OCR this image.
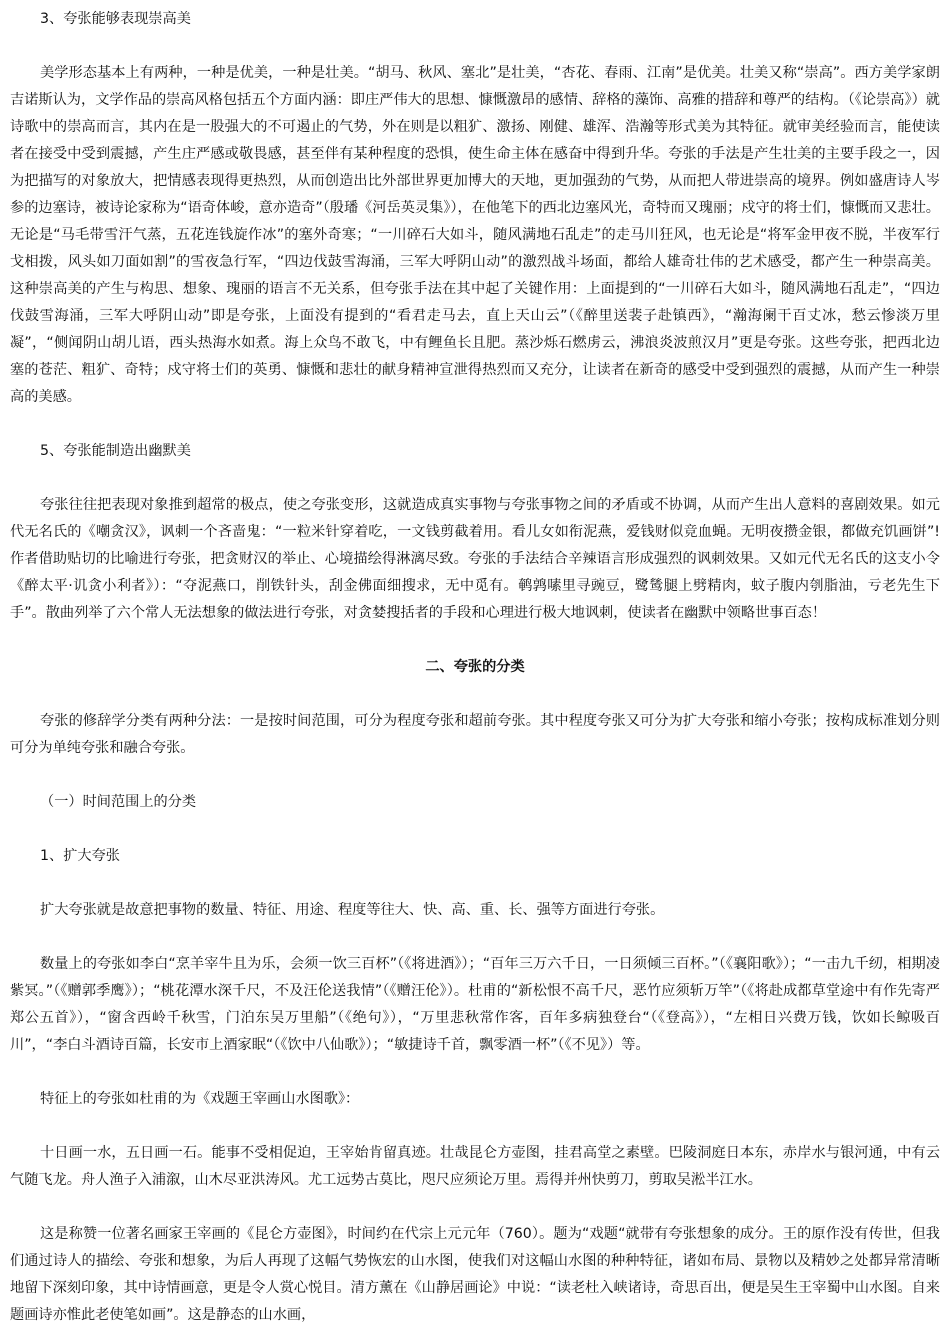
3、夸张能够表现崇高美

美学形态基本上有两种，一种是优美，一种是壮美。“胡马、秋风、塞北”是壮美，“杏花、春雨、江南”是优美。壮美又称“崇高”。西方美学家朗吉诺斯认为，文学作品的崇高风格包括五个方面内涵：即庄严伟大的思想、慷慨激昂的感情、辞格的藻饰、高雅的措辞和尊严的结构。（《论崇高》）就诗歌中的崇高而言，其内在是一股强大的不可遏止的气势，外在则是以粗犷、激扬、刚健、雄浑、浩瀚等形式美为其特征。就审美经验而言，能使读者在接受中受到震撼，产生庄严感或敬畏感，甚至伴有某种程度的恐惧，使生命主体在感奋中得到升华。夸张的手法是产生壮美的主要手段之一，因为把描写的对象放大，把情感表现得更热烈，从而创造出比外部世界更加博大的天地，更加强劲的气势，从而把人带进崇高的境界。例如盛唐诗人岑参的边塞诗，被诗论家称为“语奇体峻，意亦造奇”（殷璠《河岳英灵集》），在他笔下的西北边塞风光，奇特而又瑰丽；戍守的将士们，慷慨而又悲壮。无论是“马毛带雪汗气蒸，五花连钱旋作冰”的塞外奇寒；“一川碎石大如斗，随风满地石乱走”的走马川狂风，也无论是“将军金甲夜不脱，半夜军行戈相拨，风头如刀面如割”的雪夜急行军，“四边伐鼓雪海涌，三军大呼阴山动”的激烈战斗场面，都给人雄奇壮伟的艺术感受，都产生一种崇高美。这种崇高美的产生与构思、想象、瑰丽的语言不无关系，但夸张手法在其中起了关键作用：上面提到的“一川碎石大如斗，随风满地石乱走”，“四边伐鼓雪海涌，三军大呼阴山动”即是夸张，上面没有提到的“看君走马去，直上天山云”（《醉里送裴子赴镇西》，“瀚海阑干百丈冰，愁云惨淡万里凝”，“侧闻阴山胡儿语，西头热海水如煮。海上众鸟不敢飞，中有鲤鱼长且肥。蒸沙烁石燃虏云，沸浪炎波煎汉月”更是夸张。这些夸张，把西北边塞的苍茫、粗犷、奇特；戍守将士们的英勇、慷慨和悲壮的献身精神宣泄得热烈而又充分，让读者在新奇的感受中受到强烈的震撼，从而产生一种崇高的美感。

5、夸张能制造出幽默美

夸张往往把表现对象推到超常的极点，使之夸张变形，这就造成真实事物与夸张事物之间的矛盾或不协调，从而产生出人意料的喜剧效果。如元代无名氏的《嘲贪汉》，讽刺一个吝啬鬼：“一粒米针穿着吃，一文钱剪截着用。看儿女如衔泥燕，爱钱财似竞血蝇。无明夜攒金银，都做充饥画饼”!作者借助贴切的比喻进行夸张，把贪财汉的举止、心境描绘得淋漓尽致。夸张的手法结合辛辣语言形成强烈的讽刺效果。又如元代无名氏的这支小令《醉太平·讥贪小利者》）：“夺泥燕口，削铁针头，刮金佛面细搜求，无中觅有。鹌鹑嗉里寻豌豆，鹭鸶腿上劈精肉，蚊子腹内刳脂油，亏老先生下手”。散曲列举了六个常人无法想象的做法进行夸张，对贪婪搜括者的手段和心理进行极大地讽刺，使读者在幽默中领略世事百态！

二、夸张的分类

夸张的修辞学分类有两种分法：一是按时间范围，可分为程度夸张和超前夸张。其中程度夸张又可分为扩大夸张和缩小夸张；按构成标准划分则可分为单纯夸张和融合夸张。

（一）时间范围上的分类

1、扩大夸张

扩大夸张就是故意把事物的数量、特征、用途、程度等往大、快、高、重、长、强等方面进行夸张。

数量上的夸张如李白“烹羊宰牛且为乐，会须一饮三百杯”（《将进酒》）；“百年三万六千日，一日须倾三百杯。”（《襄阳歌》）；“一击九千纫，相期凌紫冥。”（《赠郭季鹰》）；“桃花潭水深千尺，不及汪伦送我情”（《赠汪伦》）。杜甫的“新松恨不高千尺，恶竹应须斩万竿”（《将赴成都草堂途中有作先寄严郑公五首》），“窗含西岭千秋雪，门泊东吴万里船”（《绝句》），“万里悲秋常作客，百年多病独登台“（《登高》），“左相日兴费万钱，饮如长鲸吸百川”，“李白斗酒诗百篇，长安市上酒家眠“（《饮中八仙歌》）；“敏捷诗千首，飘零酒一杯”（《不见》）等。

特征上的夸张如杜甫的为《戏题王宰画山水图歌》：

十日画一水，五日画一石。能事不受相促迫，王宰始肯留真迹。壮哉昆仑方壶图，挂君高堂之素壁。巴陵洞庭日本东，赤岸水与银河通，中有云气随飞龙。舟人渔子入浦溆，山木尽亚洪涛风。尤工远势古莫比，咫尺应须论万里。焉得并州快剪刀，剪取吴淞半江水。

这是称赞一位著名画家王宰画的《昆仑方壶图》，时间约在代宗上元元年（760）。题为“戏题“就带有夸张想象的成分。王的原作没有传世，但我们通过诗人的描绘、夸张和想象，为后人再现了这幅气势恢宏的山水图，使我们对这幅山水图的种种特征，诸如布局、景物以及精妙之处都异常清晰地留下深刻印象，其中诗情画意，更是令人赏心悦目。清方薰在《山静居画论》中说：“读老杜入峡诸诗，奇思百出，便是吴生王宰蜀中山水图。自来题画诗亦惟此老使笔如画”。这是静态的山水画，
